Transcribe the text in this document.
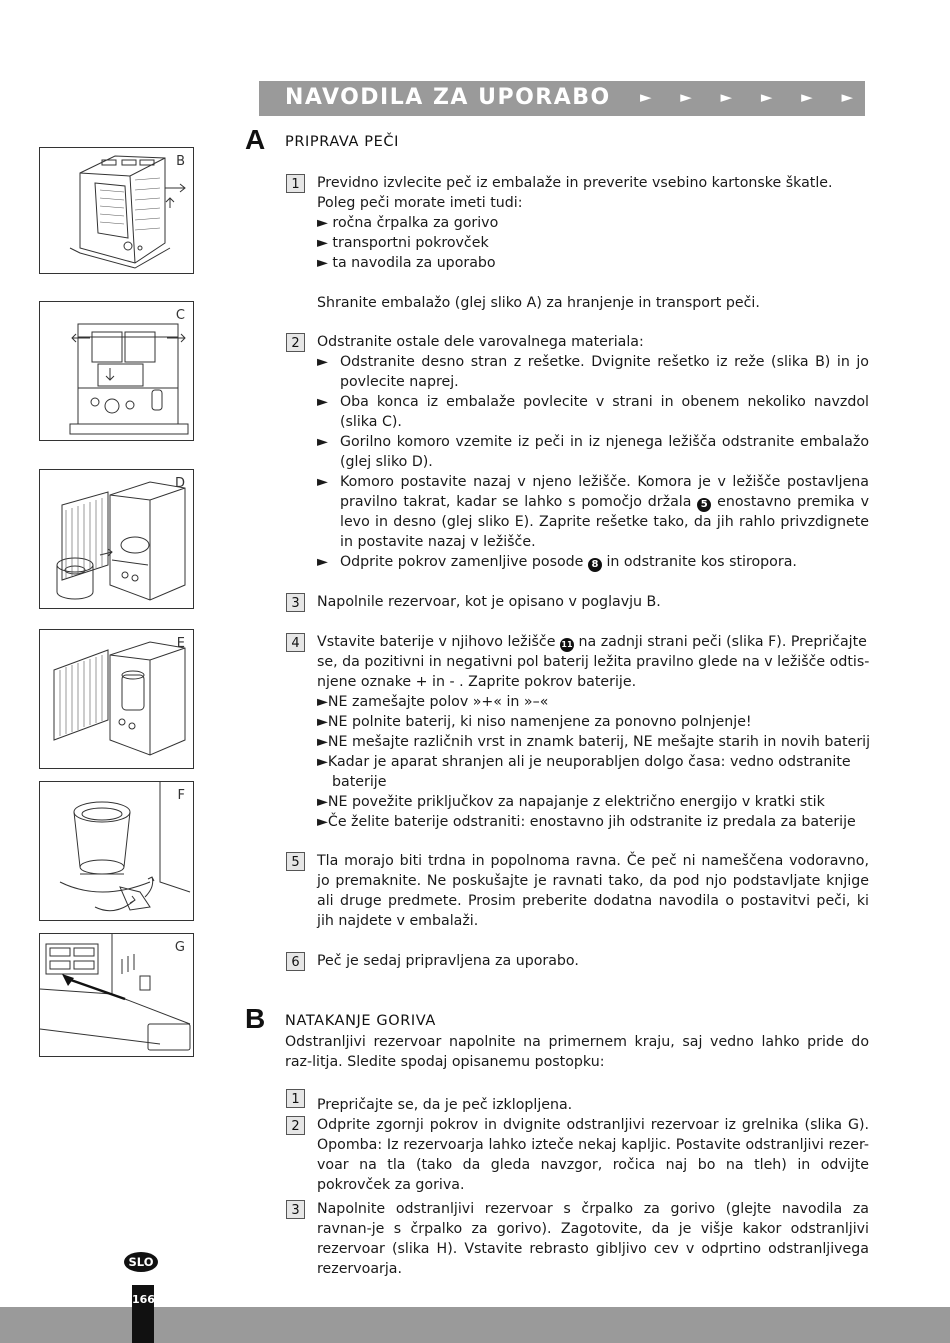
NAVODILA ZA UPORABO ► ► ► ► ► ►
A PRIPRAVA PEČI
1	Previdno izvlecite peč iz embalaže in preverite vsebino kartonske škatle.
Poleg peči morate imeti tudi:
► ročna črpalka za gorivo
► transportni pokrovček
► ta navodila za uporabo
Shranite embalažo (glej sliko A) za hranjenje in transport peči.
2	Odstranite ostale dele varovalnega materiala:
► Odstranite desno stran z rešetke. Dvignite rešetko iz reže (slika B) in jo povlecite naprej.
► Oba konca iz embalaže povlecite v strani in obenem nekoliko navzdol (slika C).
► Gorilno komoro vzemite iz peči in iz njenega ležišča odstranite embalažo (glej sliko D).
► Komoro postavite nazaj v njeno ležišče. Komora je v ležišče postavljena pravilno takrat, kadar se lahko s pomočjo držala 5 enostavno premika v levo in desno (glej sliko E). Zaprite rešetke tako, da jih rahlo privzdignete in postavite nazaj v ležišče.
► Odprite pokrov zamenljive posode 8 in odstranite kos stiropora.
3	Napolnile rezervoar, kot je opisano v poglavju B.
4	Vstavite baterije v njihovo ležišče 11 na zadnji strani peči (slika F). Prepričajte
se, da pozitivni in negativni pol baterij ležita pravilno glede na v ležišče odtis-
njene oznake + in - . Zaprite pokrov baterije.
►NE zamešajte polov »+« in »–«
►NE polnite baterij, ki niso namenjene za ponovno polnjenje!
►NE mešajte različnih vrst in znamk baterij, NE mešajte starih in novih baterij
►Kadar je aparat shranjen ali je neuporabljen dolgo časa: vedno odstranite
baterije
►NE povežite priključkov za napajanje z električno energijo v kratki stik
►Če želite baterije odstraniti: enostavno jih odstranite iz predala za baterije
5	Tla morajo biti trdna in popolnoma ravna. Če peč ni nameščena vodoravno, jo premaknite. Ne poskušajte je ravnati tako, da pod njo podstavljate knjige ali druge predmete. Prosim preberite dodatna navodila o postavitvi peči, ki jih najdete v embalaži.
6	Peč je sedaj pripravljena za uporabo.
B NATAKANJE GORIVA
Odstranljivi rezervoar napolnite na primernem kraju, saj vedno lahko pride do raz-litja. Sledite spodaj opisanemu postopku:
1	Prepričajte se, da je peč izklopljena.
2	Odprite zgornji pokrov in dvignite odstranljivi rezervoar iz grelnika (slika G). Opomba: Iz rezervoarja lahko izteče nekaj kapljic. Postavite odstranljivi rezer-voar na tla (tako da gleda navzgor, ročica naj bo na tleh) in odvijte pokrovček za goriva.
3	Napolnite odstranljivi rezervoar s črpalko za gorivo (glejte navodila za ravnan-je s črpalko za gorivo). Zagotovite, da je višje kakor odstranljivi rezervoar (slika H). Vstavite rebrasto gibljivo cev v odprtino odstranljivega rezervoarja.
B
C
D
E
F
G
SLO
166
